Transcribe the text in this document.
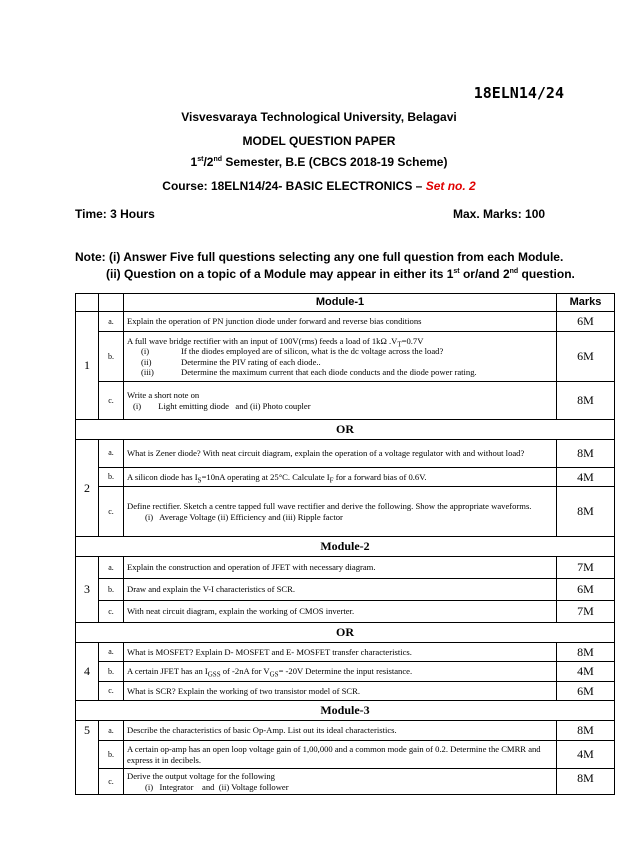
18ELN14/24
Visvesvaraya Technological University, Belagavi
MODEL QUESTION PAPER
1st/2nd Semester, B.E (CBCS 2018-19 Scheme)
Course: 18ELN14/24- BASIC ELECTRONICS – Set no. 2
Time: 3 Hours	Max. Marks: 100
Note: (i) Answer Five full questions selecting any one full question from each Module.
(ii) Question on a topic of a Module may appear in either its 1st or/and 2nd question.
		Module-1	Marks
1	a.	Explain the operation of PN junction diode under forward and reverse bias conditions	6M
	b.	A full wave bridge rectifier with an input of 100V(rms) feeds a load of 1kΩ $.V_T=0.7V$
(i) If the diodes employed are of silicon, what is the dc voltage across the load?
(ii) Determine the PIV rating of each diode..
(iii) Determine the maximum current that each diode conducts and the diode power rating.	6M
	c.	Write a short note on
(i)        Light emitting diode   and (ii) Photo coupler	8M
OR			
2	a.	What is Zener diode? With neat circuit diagram, explain the operation of a voltage regulator with and without load?	8M
	b.	A silicon diode has $I_S=10nA$ operating at 25°C. Calculate $I_F$ for a forward bias of 0.6V.	4M
	c.	Define rectifier. Sketch a centre tapped full wave rectifier and derive the following. Show the appropriate waveforms.
(i)   Average Voltage (ii) Efficiency and (iii) Ripple factor	8M
Module-2			
3	a.	Explain the construction and operation of JFET with necessary diagram.	7M
	b.	Draw and explain the V-I characteristics of SCR.	6M
	c.	With neat circuit diagram, explain the working of CMOS inverter.	7M
OR			
4	a.	What is MOSFET? Explain D- MOSFET and E- MOSFET transfer characteristics.	8M
	b.	A certain JFET has an $I_{GSS}$ of -2nA for $V_{GS}= -20V$ Determine the input resistance.	4M
	c.	What is SCR? Explain the working of two transistor model of SCR.	6M
Module-3			
5	a.	Describe the characteristics of basic Op-Amp. List out its ideal characteristics.	8M
	b.	A certain op-amp has an open loop voltage gain of 1,00,000 and a common mode gain of 0.2. Determine the CMRR and express it in decibels.	4M
	c.	Derive the output voltage for the following
(i)   Integrator    and  (ii) Voltage follower	8M
